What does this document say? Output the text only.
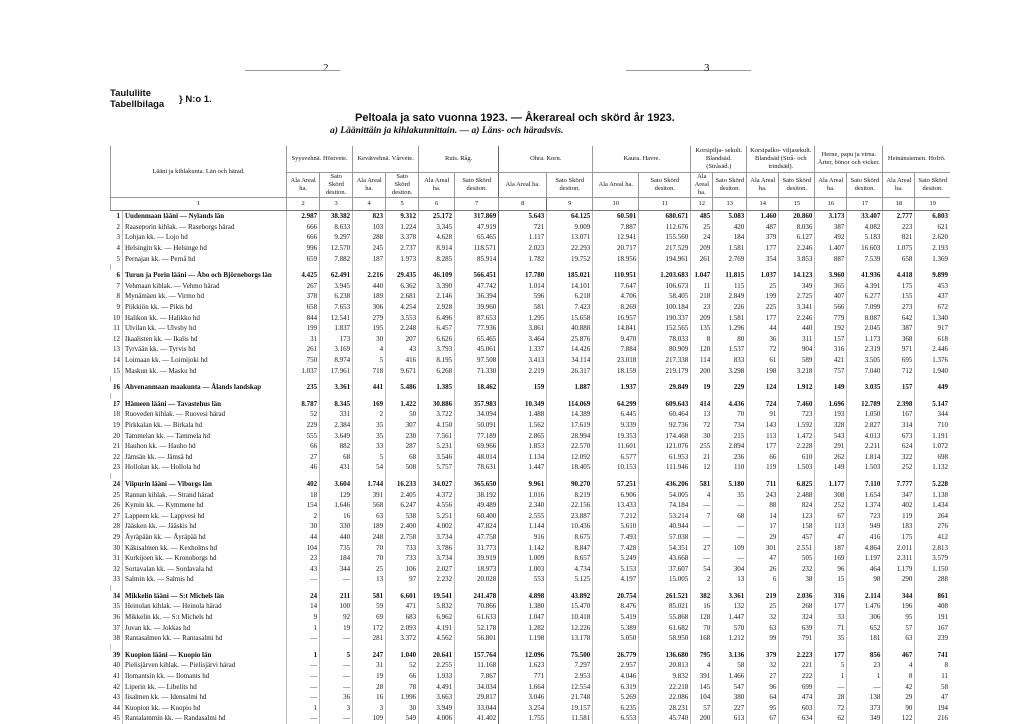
2	3
Taululiite
Tabellbilaga } N:o 1.
Peltoala ja sato vuonna 1923. — Åkerareal och skörd år 1923.
a) Läänittäin ja kihlakunnittain. — a) Läns- och häradsvis.
Lääni ja kihlakunta. Län och härad.		Syysvehnä. Höstvete.		Kevätvehnä. Vårvete.		Ruis. Råg.		Ohra. Korn.		Kaura. Havre.		Korsipilja- sekult. Blandsäd. (Stråsäd.)		Korsipalko- viljasekult. Blandsäd (Strå- och trindsäd).		Herne, papu ja virna. Ärter, bönor och vicker.		Heinänsiemen. Hofrö.	
		Ala Areal ha.	Sato Skörd desiton.	Ala Areal ha.	Sato Skörd desiton.	Ala Areal ha.	Sato Skörd desiton.	Ala Areal ha.	Sato Skörd desiton.	Ala Areal ha.	Sato Skörd desiton.	Ala Areal ha.	Sato Skörd desiton.	Ala Areal ha.	Sato Skörd desiton.	Ala Areal ha.	Sato Skörd desiton.	Ala Areal ha.	Sato Skörd desiton.
1		2	3	4	5	6	7	8	9	10	11	12	13	14	15	16	17	18	19
1	Uudenmaan lääni — Nylands län	2.987	38.382	823	9.312	25.172	317.869	5.643	64.125	60.501	680.671	485	5.083	1.460	20.860	3.173	33.407	2.777	6.803
2	Raaseporin kihlak. — Raseborgs härad	666	8.633	103	1.224	3.345	47.919	721	9.009	7.887	112.676	25	420	487	8.036	387	4.082	223	621
3	Lohjan kk. — Lojo hd	666	9.297	288	3.378	4.628	65.465	1.117	13.071	12.941	155.560	24	184	379	6.127	492	5.183	821	2.620
4	Helsingin kk. — Helsinge hd	996	12.570	245	2.737	8.914	118.571	2.023	22.293	20.717	217.529	209	1.581	177	2.246	1.407	16.603	1.075	2.193
5	Pernajan kk. — Pernå hd	659	7.882	187	1.973	8.285	85.914	1.782	19.752	18.956	194.961	261	2.769	354	3.853	887	7.539	658	1.369

6	Turun ja Porin lääni — Åbo och Björneborgs län	4.425	62.491	2.216	29.435	46.109	566.451	17.780	185.021	110.951	1.203.683	1.047	11.815	1.037	14.123	3.960	41.936	4.418	9.899
7	Vehmaan kihlak. — Vehmo härad	267	3.945	440	6.362	3.390	47.742	1.014	14.101	7.647	106.673	11	115	25	349	365	4.391	175	453
8	Mynämäen kk. — Virmo hd	378	6.238	189	2.681	2.146	36.394	596	6.218	4.706	58.405	218	2.849	199	2.725	407	6.277	155	437
9	Piikkiön kk. — Pikis hd	658	7.653	306	4.254	2.928	39.960	581	7.423	8.269	100.184	23	226	225	3.341	566	7.099	273	672
10	Halikon kk. — Halikko hd	844	12.541	279	3.553	6.496	87.653	1.295	15.658	16.957	190.337	209	1.581	177	2.246	779	8.087	642	1.340
11	Ulvilan kk. — Ulvsby hd	199	1.837	195	2.248	6.457	77.936	3.861	40.888	14.841	152.565	135	1.296	44	440	192	2.045	387	917
12	Ikaalisten kk. — Ikalis hd	31	173	30	207	6.626	65.465	3.464	25.876	9.470	78.033	8	80	36	311	157	1.173	368	618
13	Tyrvään kk. — Tyrvis hd	261	3.169	4	43	3.793	45.061	1.337	14.426	7.884	80.909	120	1.537	72	904	316	2.319	971	2.446
14	Loimaan kk. — Loimijoki hd	750	8.974	5	416	8.195	97.508	3.413	34.114	23.018	217.338	114	833	61	589	421	3.505	695	1.376
15	Maskun kk. — Masku hd	1.037	17.961	718	9.671	6.268	71.330	2.219	26.317	18.159	219.179	200	3.298	198	3.218	757	7.040	712	1.940

16	Ahvenanmaan maakunta — Ålands landskap	235	3.361	441	5.486	1.385	18.462	159	1.887	1.937	29.849	19	229	124	1.912	149	3.035	157	449

17	Hämeen lääni — Tavastehus län	8.787	8.345	169	1.422	30.886	357.983	10.349	114.069	64.299	609.643	414	4.436	724	7.460	1.696	12.789	2.398	5.147
18	Ruoveden kihlak. — Ruovesi härad	52	331	2	50	3.722	34.094	1.488	14.389	6.445	60.464	13	70	91	723	193	1.050	167	344
19	Pirkkalan kk. — Birkala hd	229	2.384	35	307	4.150	50.091	1.562	17.619	9.339	92.736	72	734	143	1.592	328	2.827	314	710
20	Tammelan kk. — Tammela hd	555	3.649	35	230	7.561	77.189	2.865	28.994	19.353	174.468	30	215	113	1.472	543	4.013	673	1.191
21	Hauhon kk. — Hauho hd	66	882	33	287	5.231	69.966	1.853	22.570	11.601	121.076	255	2.894	177	2.228	291	2.211	624	1.072
22	Jämsän kk. — Jämsä hd	27	68	5	68	3.546	48.014	1.134	12.092	6.577	61.953	21	236	66	610	262	1.814	322	698
23	Hollolan kk. — Hollola hd	46	431	54	508	5.757	78.631	1.447	18.405	10.153	111.946	12	110	119	1.503	149	1.503	252	1.132

24	Viipurin lääni — Viborgs län	402	3.604	1.744	16.233	34.027	365.650	9.961	90.270	57.251	436.206	581	5.180	711	6.825	1.177	7.110	7.777	5.228
25	Rannan kihlak. — Strand härad	18	129	391	2.405	4.372	38.192	1.016	8.219	6.906	54.005	4	35	243	2.488	308	1.654	347	1.138
26	Kymin kk. — Kymmene hd	154	1.646	568	6.247	4.556	49.489	2.340	22.156	13.433	74.184	—	—	88	824	252	1.374	402	1.434
27	Lappeen kk. — Lappvesi hd	2	16	63	538	5.251	60.400	2.555	23.887	7.212	53.214	7	68	14	123	67	723	119	264
28	Jääsken kk. — Jääskis hd	30	330	189	2.400	4.002	47.824	1.144	10.436	5.610	40.944	—	—	17	158	113	949	183	276
29	Äyräpään kk. — Äyräpää hd	44	440	248	2.758	3.734	47.758	916	8.675	7.493	57.038	—	—	29	457	47	416	175	412
30	Käkisalmen kk. — Kexholms hd	104	735	70	733	3.786	31.773	1.142	8.847	7.428	54.351	27	109	301	2.551	187	4.864	2.011	2.813
31	Kurkijoen kk. — Kronoborgs hd	23	184	70	733	3.734	39.919	1.009	8.657	5.249	43.668	—	—	47	505	169	1.197	2.311	3.579
32	Sortavalan kk. — Sordavala hd	43	344	25	106	2.027	18.973	1.003	4.734	5.153	37.607	54	304	26	232	96	464	1.179	1.150
33	Salmin kk. — Salmis hd	—	—	13	97	2.232	20.028	553	5.125	4.197	15.005	2	13	6	38	15	98	290	288

34	Mikkelin lääni — S:t Michels län	24	211	581	6.601	19.541	241.478	4.898	43.892	20.754	261.521	382	3.361	219	2.036	316	2.114	344	861
35	Heinolan kihlak. — Heinola härad	14	100	59	471	5.832	70.866	1.380	15.470	8.476	85.021	16	132	25	268	177	1.476	196	408
36	Mikkelin kk. — S:t Michels hd	9	92	69	683	6.962	61.633	1.047	10.418	5.419	55.868	128	1.447	32	324	33	306	95	191
37	Juvan kk. — Jokkas hd	1	19	172	2.093	4.191	52.178	1.282	12.226	5.389	61.682	70	570	63	639	71	652	57	167
38	Rantasalmen kk. — Rantasalmi hd	—	—	281	3.372	4.562	56.801	1.198	13.178	5.050	58.950	168	1.212	99	791	35	181	63	239

39	Kuopion lääni — Kuopio län	1	5	247	1.040	20.641	157.764	12.096	75.500	26.779	136.680	795	3.136	379	2.223	177	856	467	741
40	Pielisjärven kihlak. — Pielisjärvi härad	—	—	31	52	2.255	11.168	1.623	7.297	2.957	20.813	4	58	32	221	5	23	4	8
41	Ilomantsin kk. — Ilomants hd	—	—	19	66	1.933	7.867	771	2.953	4.046	9.832	391	1.466	27	222	1	1	8	11
42	Liperin kk. — Libelits hd	—	—	28	78	4.491	34.034	1.664	12.554	6.319	22.218	145	547	96	699	—	—	42	58
43	Iisalmen kk. — Idensalmi hd	—	36	16	1.996	3.663	29.817	3.046	21.748	5.269	22.086	104	380	64	474	28	138	29	47
44	Kuopion kk. — Kuopio hd	1	3	3	30	3.949	33.044	3.254	19.157	6.235	28.231	57	227	95	603	72	373	90	194
45	Rantalammin kk. — Randasalmi hd	—	—	109	549	4.006	41.402	1.755	11.581	6.553	45.740	200	613	67	634	62	349	122	216
